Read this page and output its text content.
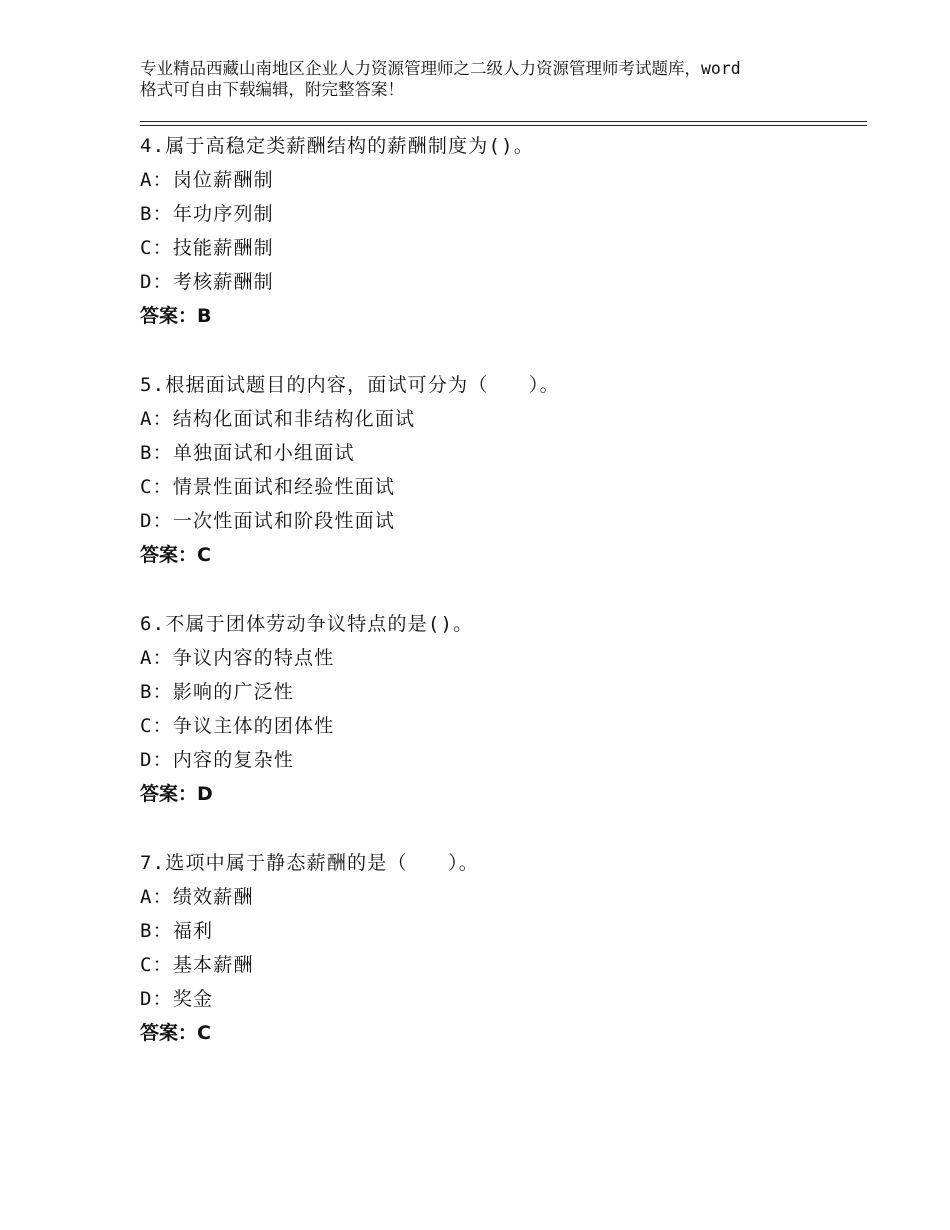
专业精品西藏山南地区企业人力资源管理师之二级人力资源管理师考试题库，word
格式可自由下载编辑，附完整答案！
4.属于高稳定类薪酬结构的薪酬制度为()。
A：岗位薪酬制
B：年功序列制
C：技能薪酬制
D：考核薪酬制
答案：B
5.根据面试题目的内容，面试可分为（　　）。
A：结构化面试和非结构化面试
B：单独面试和小组面试
C：情景性面试和经验性面试
D：一次性面试和阶段性面试
答案：C
6.不属于团体劳动争议特点的是()。
A：争议内容的特点性
B：影响的广泛性
C：争议主体的团体性
D：内容的复杂性
答案：D
7.选项中属于静态薪酬的是（　　）。
A：绩效薪酬
B：福利
C：基本薪酬
D：奖金
答案：C
